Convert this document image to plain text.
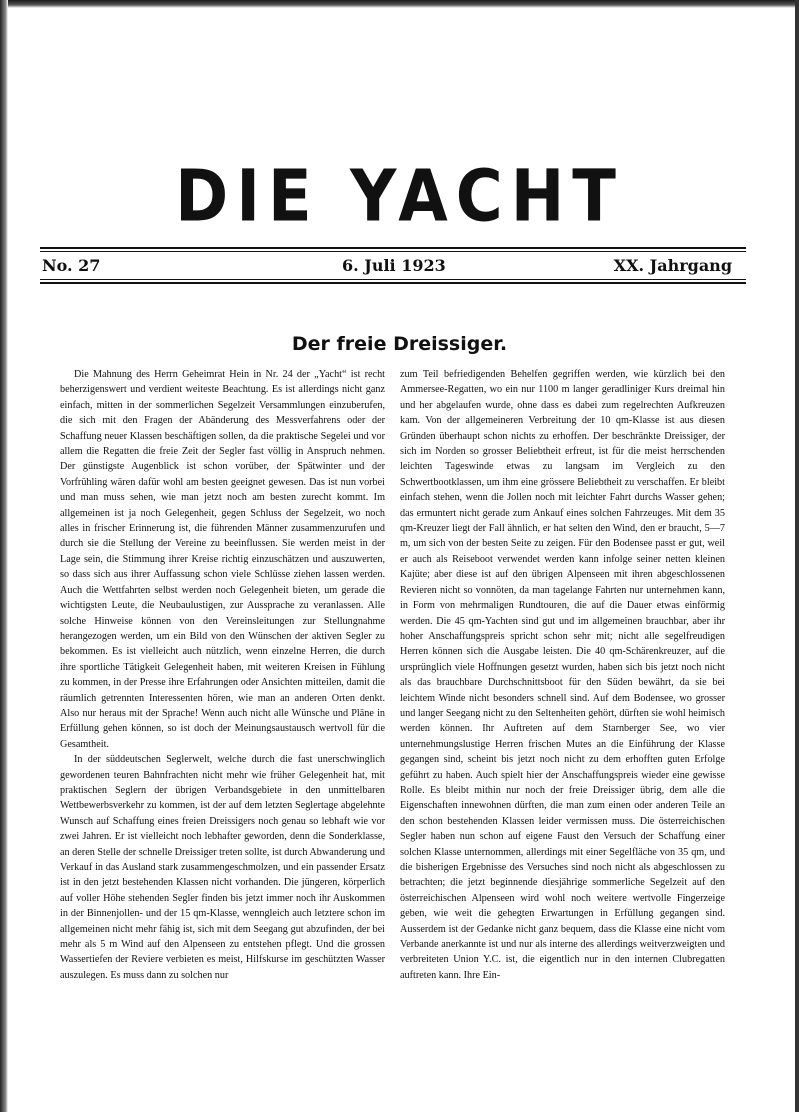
DIE YACHT
No. 27	6. Juli 1923	XX. Jahrgang
Der freie Dreissiger.

Die Mahnung des Herrn Geheimrat Hein in Nr. 24 der „Yacht“ ist recht beherzigenswert und verdient weiteste Beachtung. Es ist allerdings nicht ganz einfach, mitten in der sommerlichen Segelzeit Versammlungen einzuberufen, die sich mit den Fragen der Abänderung des Messverfahrens oder der Schaffung neuer Klassen beschäftigen sollen, da die praktische Segelei und vor allem die Regatten die freie Zeit der Segler fast völlig in Anspruch nehmen. Der günstigste Augenblick ist schon vorüber, der Spätwinter und der Vorfrühling wären dafür wohl am besten geeignet gewesen. Das ist nun vorbei und man muss sehen, wie man jetzt noch am besten zurecht kommt. Im allgemeinen ist ja noch Gelegenheit, gegen Schluss der Segelzeit, wo noch alles in frischer Erinnerung ist, die führenden Männer zusammenzurufen und durch sie die Stellung der Vereine zu beeinflussen. Sie werden meist in der Lage sein, die Stimmung ihrer Kreise richtig einzuschätzen und auszuwerten, so dass sich aus ihrer Auffassung schon viele Schlüsse ziehen lassen werden. Auch die Wettfahrten selbst werden noch Gelegenheit bieten, um gerade die wichtigsten Leute, die Neubaulustigen, zur Aussprache zu veranlassen. Alle solche Hinweise können von den Vereinsleitungen zur Stellungnahme herangezogen werden, um ein Bild von den Wünschen der aktiven Segler zu bekommen. Es ist vielleicht auch nützlich, wenn einzelne Herren, die durch ihre sportliche Tätigkeit Gelegenheit haben, mit weiteren Kreisen in Fühlung zu kommen, in der Presse ihre Erfahrungen oder Ansichten mitteilen, damit die räumlich getrennten Interessenten hören, wie man an anderen Orten denkt. Also nur heraus mit der Sprache! Wenn auch nicht alle Wünsche und Pläne in Erfüllung gehen können, so ist doch der Meinungsaustausch wertvoll für die Gesamtheit.

In der süddeutschen Seglerwelt, welche durch die fast unerschwinglich gewordenen teuren Bahnfrachten nicht mehr wie früher Gelegenheit hat, mit praktischen Seglern der übrigen Verbandsgebiete in den unmittelbaren Wettbewerbsverkehr zu kommen, ist der auf dem letzten Seglertage abgelehnte Wunsch auf Schaffung eines freien Dreissigers noch genau so lebhaft wie vor zwei Jahren. Er ist vielleicht noch lebhafter geworden, denn die Sonderklasse, an deren Stelle der schnelle Dreissiger treten sollte, ist durch Abwanderung und Verkauf in das Ausland stark zusammengeschmolzen, und ein passender Ersatz ist in den jetzt bestehenden Klassen nicht vorhanden. Die jüngeren, körperlich auf voller Höhe stehenden Segler finden bis jetzt immer noch ihr Auskommen in der Binnenjollen- und der 15 qm-Klasse, wenngleich auch letztere schon im allgemeinen nicht mehr fähig ist, sich mit dem Seegang gut abzufinden, der bei mehr als 5 m Wind auf den Alpenseen zu entstehen pflegt. Und die grossen Wassertiefen der Reviere verbieten es meist, Hilfskurse im geschützten Wasser auszulegen. Es muss dann zu solchen nur

zum Teil befriedigenden Behelfen gegriffen werden, wie kürzlich bei den Ammersee-Regatten, wo ein nur 1100 m langer geradliniger Kurs dreimal hin und her abgelaufen wurde, ohne dass es dabei zum regelrechten Aufkreuzen kam. Von der allgemeineren Verbreitung der 10 qm-Klasse ist aus diesen Gründen überhaupt schon nichts zu erhoffen. Der beschränkte Dreissiger, der sich im Norden so grosser Beliebtheit erfreut, ist für die meist herrschenden leichten Tageswinde etwas zu langsam im Vergleich zu den Schwertbootklassen, um ihm eine grössere Beliebtheit zu verschaffen. Er bleibt einfach stehen, wenn die Jollen noch mit leichter Fahrt durchs Wasser gehen; das ermuntert nicht gerade zum Ankauf eines solchen Fahrzeuges. Mit dem 35 qm-Kreuzer liegt der Fall ähnlich, er hat selten den Wind, den er braucht, 5—7 m, um sich von der besten Seite zu zeigen. Für den Bodensee passt er gut, weil er auch als Reiseboot verwendet werden kann infolge seiner netten kleinen Kajüte; aber diese ist auf den übrigen Alpenseen mit ihren abgeschlossenen Revieren nicht so vonnöten, da man tagelange Fahrten nur unternehmen kann, in Form von mehrmaligen Rundtouren, die auf die Dauer etwas einförmig werden. Die 45 qm-Yachten sind gut und im allgemeinen brauchbar, aber ihr hoher Anschaffungspreis spricht schon sehr mit; nicht alle segelfreudigen Herren können sich die Ausgabe leisten. Die 40 qm-Schärenkreuzer, auf die ursprünglich viele Hoffnungen gesetzt wurden, haben sich bis jetzt noch nicht als das brauchbare Durchschnittsboot für den Süden bewährt, da sie bei leichtem Winde nicht besonders schnell sind. Auf dem Bodensee, wo grosser und langer Seegang nicht zu den Seltenheiten gehört, dürften sie wohl heimisch werden können. Ihr Auftreten auf dem Starnberger See, wo vier unternehmungslustige Herren frischen Mutes an die Einführung der Klasse gegangen sind, scheint bis jetzt noch nicht zu dem erhofften guten Erfolge geführt zu haben. Auch spielt hier der Anschaffungspreis wieder eine gewisse Rolle. Es bleibt mithin nur noch der freie Dreissiger übrig, dem alle die Eigenschaften innewohnen dürften, die man zum einen oder anderen Teile an den schon bestehenden Klassen leider vermissen muss. Die österreichischen Segler haben nun schon auf eigene Faust den Versuch der Schaffung einer solchen Klasse unternommen, allerdings mit einer Segelfläche von 35 qm, und die bisherigen Ergebnisse des Versuches sind noch nicht als abgeschlossen zu betrachten; die jetzt beginnende diesjährige sommerliche Segelzeit auf den österreichischen Alpenseen wird wohl noch weitere wertvolle Fingerzeige geben, wie weit die gehegten Erwartungen in Erfüllung gegangen sind. Ausserdem ist der Gedanke nicht ganz bequem, dass die Klasse eine nicht vom Verbande anerkannte ist und nur als interne des allerdings weitverzweigten und verbreiteten Union Y.C. ist, die eigentlich nur in den internen Clubregatten auftreten kann. Ihre Ein-
